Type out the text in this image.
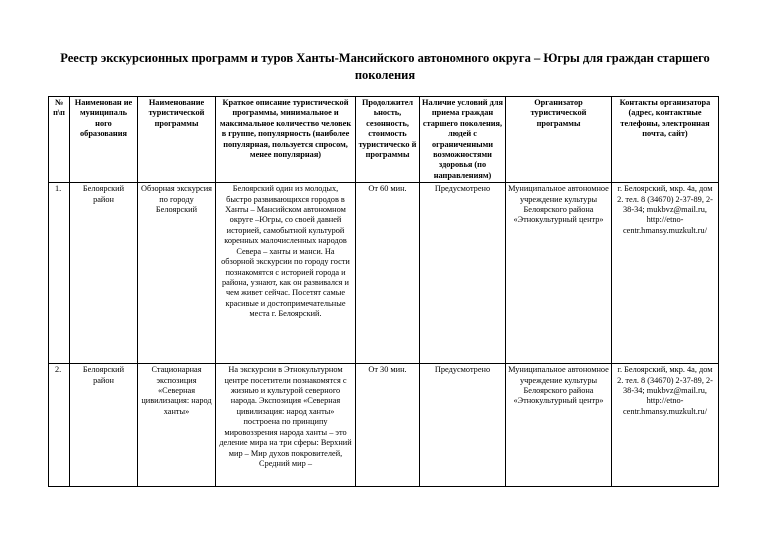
Реестр экскурсионных программ и туров Ханты-Мансийского автономного округа – Югры для граждан старшего поколения
№ п\п	Наименован ие муниципаль ного образования	Наименование туристической программы	Краткое описание туристической программы, минимальное и максимальное количество человек в группе, популярность (наиболее популярная, пользуется спросом, менее популярная)	Продолжител ьность, сезонность, стоимость туристическо й программы	Наличие условий для приема граждан старшего поколения, людей с ограниченными возможностями здоровья (по направлениям)	Организатор туристической программы	Контакты организатора (адрес, контактные телефоны, электронная почта, сайт)
1.	Белоярский район	Обзорная экскурсия по городу Белоярский	Белоярский один из молодых, быстро развивающихся городов в Ханты – Мансийском автономном округе –Югры, со своей давней историей, самобытной культурой коренных малочисленных народов Севера – ханты и манси. На обзорной экскурсии по городу гости познакомятся с историей города и района, узнают, как он развивался и чем живет сейчас. Посетят самые красивые и достопримечательные места г. Белоярский.	От 60 мин.	Предусмотрено	Муниципальное автономное учреждение культуры Белоярского района «Этнокультурный центр»	г. Белоярский, мкр. 4а, дом 2. тел. 8 (34670) 2-37-89, 2-38-34; mukbvz@mail.ru, http://etno-centr.hmansy.muzkult.ru/
2.	Белоярский район	Стационарная экспозиция «Северная цивилизация: народ ханты»	На экскурсии в Этнокультурном центре посетители познакомятся с жизнью и культурой северного народа. Экспозиция «Северная цивилизация: народ ханты» построена по принципу мировоззрения народа ханты – это деление мира на три сферы: Верхний мир – Мир духов покровителей, Средний мир –	От 30 мин.	Предусмотрено	Муниципальное автономное учреждение культуры Белоярского района «Этнокультурный центр»	г. Белоярский, мкр. 4а, дом 2. тел. 8 (34670) 2-37-89, 2-38-34; mukbvz@mail.ru, http://etno-centr.hmansy.muzkult.ru/
